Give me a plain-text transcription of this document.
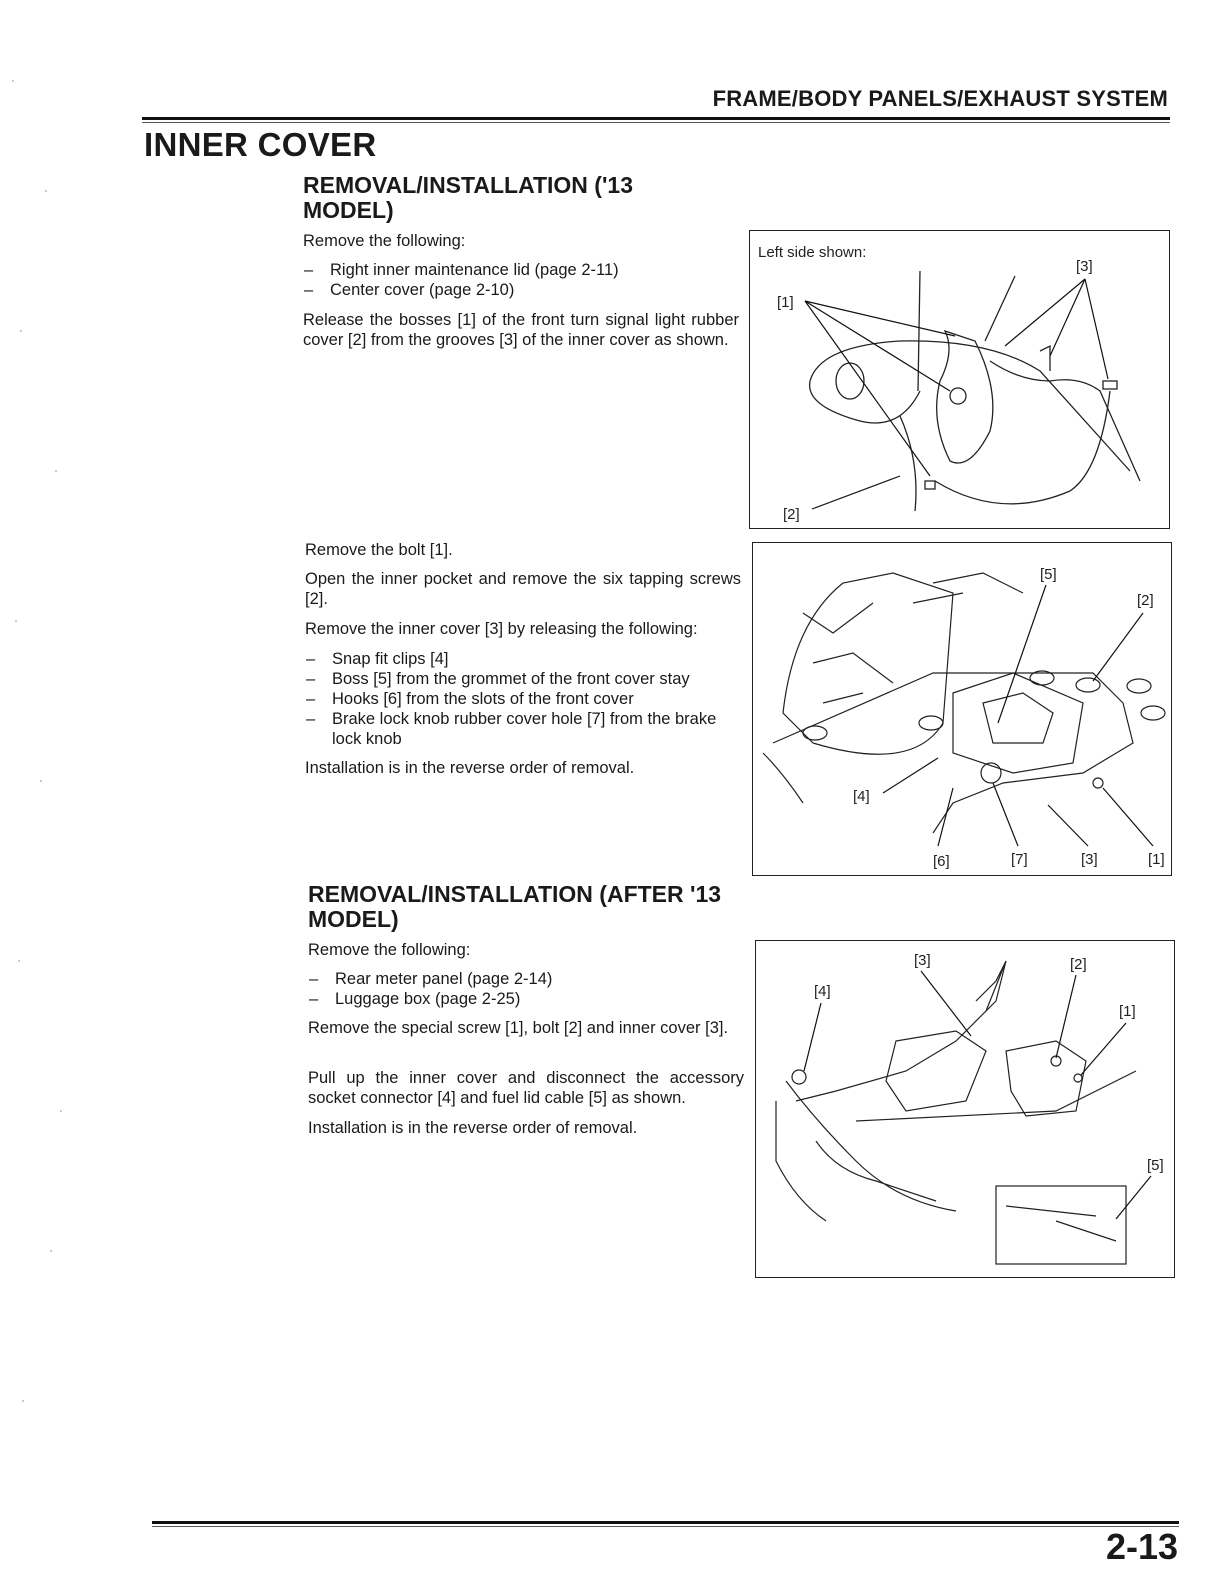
FRAME/BODY PANELS/EXHAUST SYSTEM
INNER COVER
REMOVAL/INSTALLATION ('13 MODEL)

Remove the following:

– Right inner maintenance lid (page 2-11)
– Center cover (page 2-10)

Release the bosses [1] of the front turn signal light rubber cover [2] from the grooves [3] of the inner cover as shown.

Remove the bolt [1].

Open the inner pocket and remove the six tapping screws [2].

Remove the inner cover [3] by releasing the following:

– Snap fit clips [4]
– Boss [5] from the grommet of the front cover stay
– Hooks [6] from the slots of the front cover
– Brake lock knob rubber cover hole [7] from the brake lock knob

Installation is in the reverse order of removal.

REMOVAL/INSTALLATION (AFTER '13 MODEL)

Remove the following:

– Rear meter panel (page 2-14)
– Luggage box (page 2-25)

Remove the special screw [1], bolt [2] and inner cover [3].

Pull up the inner cover and disconnect the accessory socket connector [4] and fuel lid cable [5] as shown.

Installation is in the reverse order of removal.

Left side shown:
[3]
[1]
[2]
[5]
[2]
[4]
[6]	[7]	[3]	[1]
[3]	[2]
[4]
[1]
[5]
2-13
